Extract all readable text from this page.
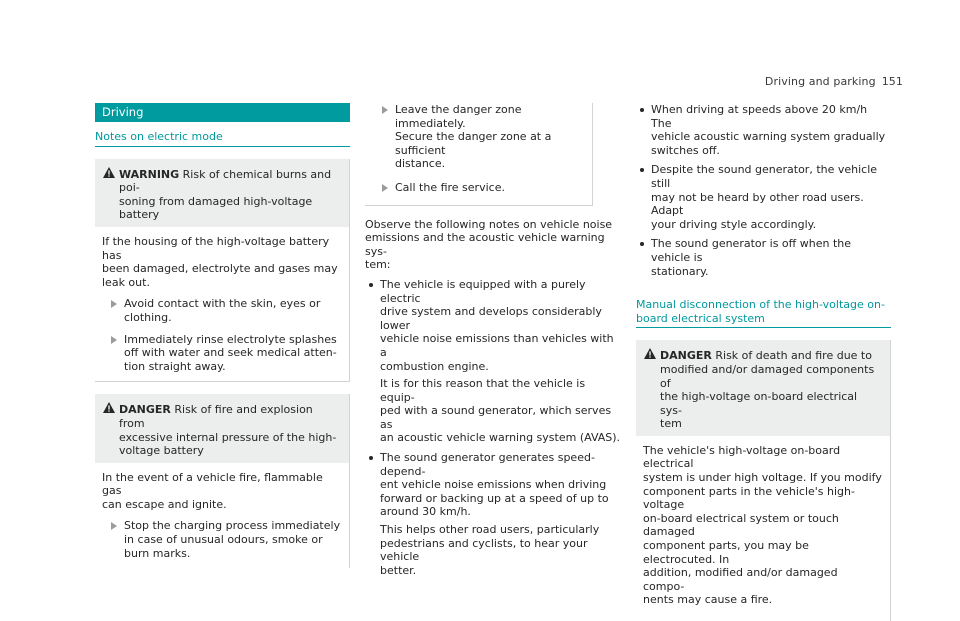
Driving and parking 151
Driving
Notes on electric mode
WARNING Risk of chemical burns and poi-
soning from damaged high-voltage battery
If the housing of the high-voltage battery has
been damaged, electrolyte and gases may
leak out.
Avoid contact with the skin, eyes or
clothing.
Immediately rinse electrolyte splashes
off with water and seek medical atten-
tion straight away.
DANGER Risk of fire and explosion from
excessive internal pressure of the high-
voltage battery
In the event of a vehicle fire, flammable gas
can escape and ignite.
Stop the charging process immediately
in case of unusual odours, smoke or
burn marks.
Leave the danger zone immediately.
Secure the danger zone at a sufficient
distance.
Call the fire service.
Observe the following notes on vehicle noise
emissions and the acoustic vehicle warning sys-
tem:

The vehicle is equipped with a purely electric
drive system and develops considerably lower
vehicle noise emissions than vehicles with a
combustion engine.

It is for this reason that the vehicle is equip-
ped with a sound generator, which serves as
an acoustic vehicle warning system (AVAS).

The sound generator generates speed-depend-
ent vehicle noise emissions when driving
forward or backing up at a speed of up to
around 30 km/h.

This helps other road users, particularly
pedestrians and cyclists, to hear your vehicle
better.

When driving at speeds above 20 km/h The
vehicle acoustic warning system gradually
switches off.
Despite the sound generator, the vehicle still
may not be heard by other road users. Adapt
your driving style accordingly.
The sound generator is off when the vehicle is
stationary.
Manual disconnection of the high-voltage on-
board electrical system
DANGER Risk of death and fire due to
modified and/or damaged components of
the high-voltage on-board electrical sys-
tem
The vehicle's high-voltage on-board electrical
system is under high voltage. If you modify
component parts in the vehicle's high-voltage
on-board electrical system or touch damaged
component parts, you may be electrocuted. In
addition, modified and/or damaged compo-
nents may cause a fire.
